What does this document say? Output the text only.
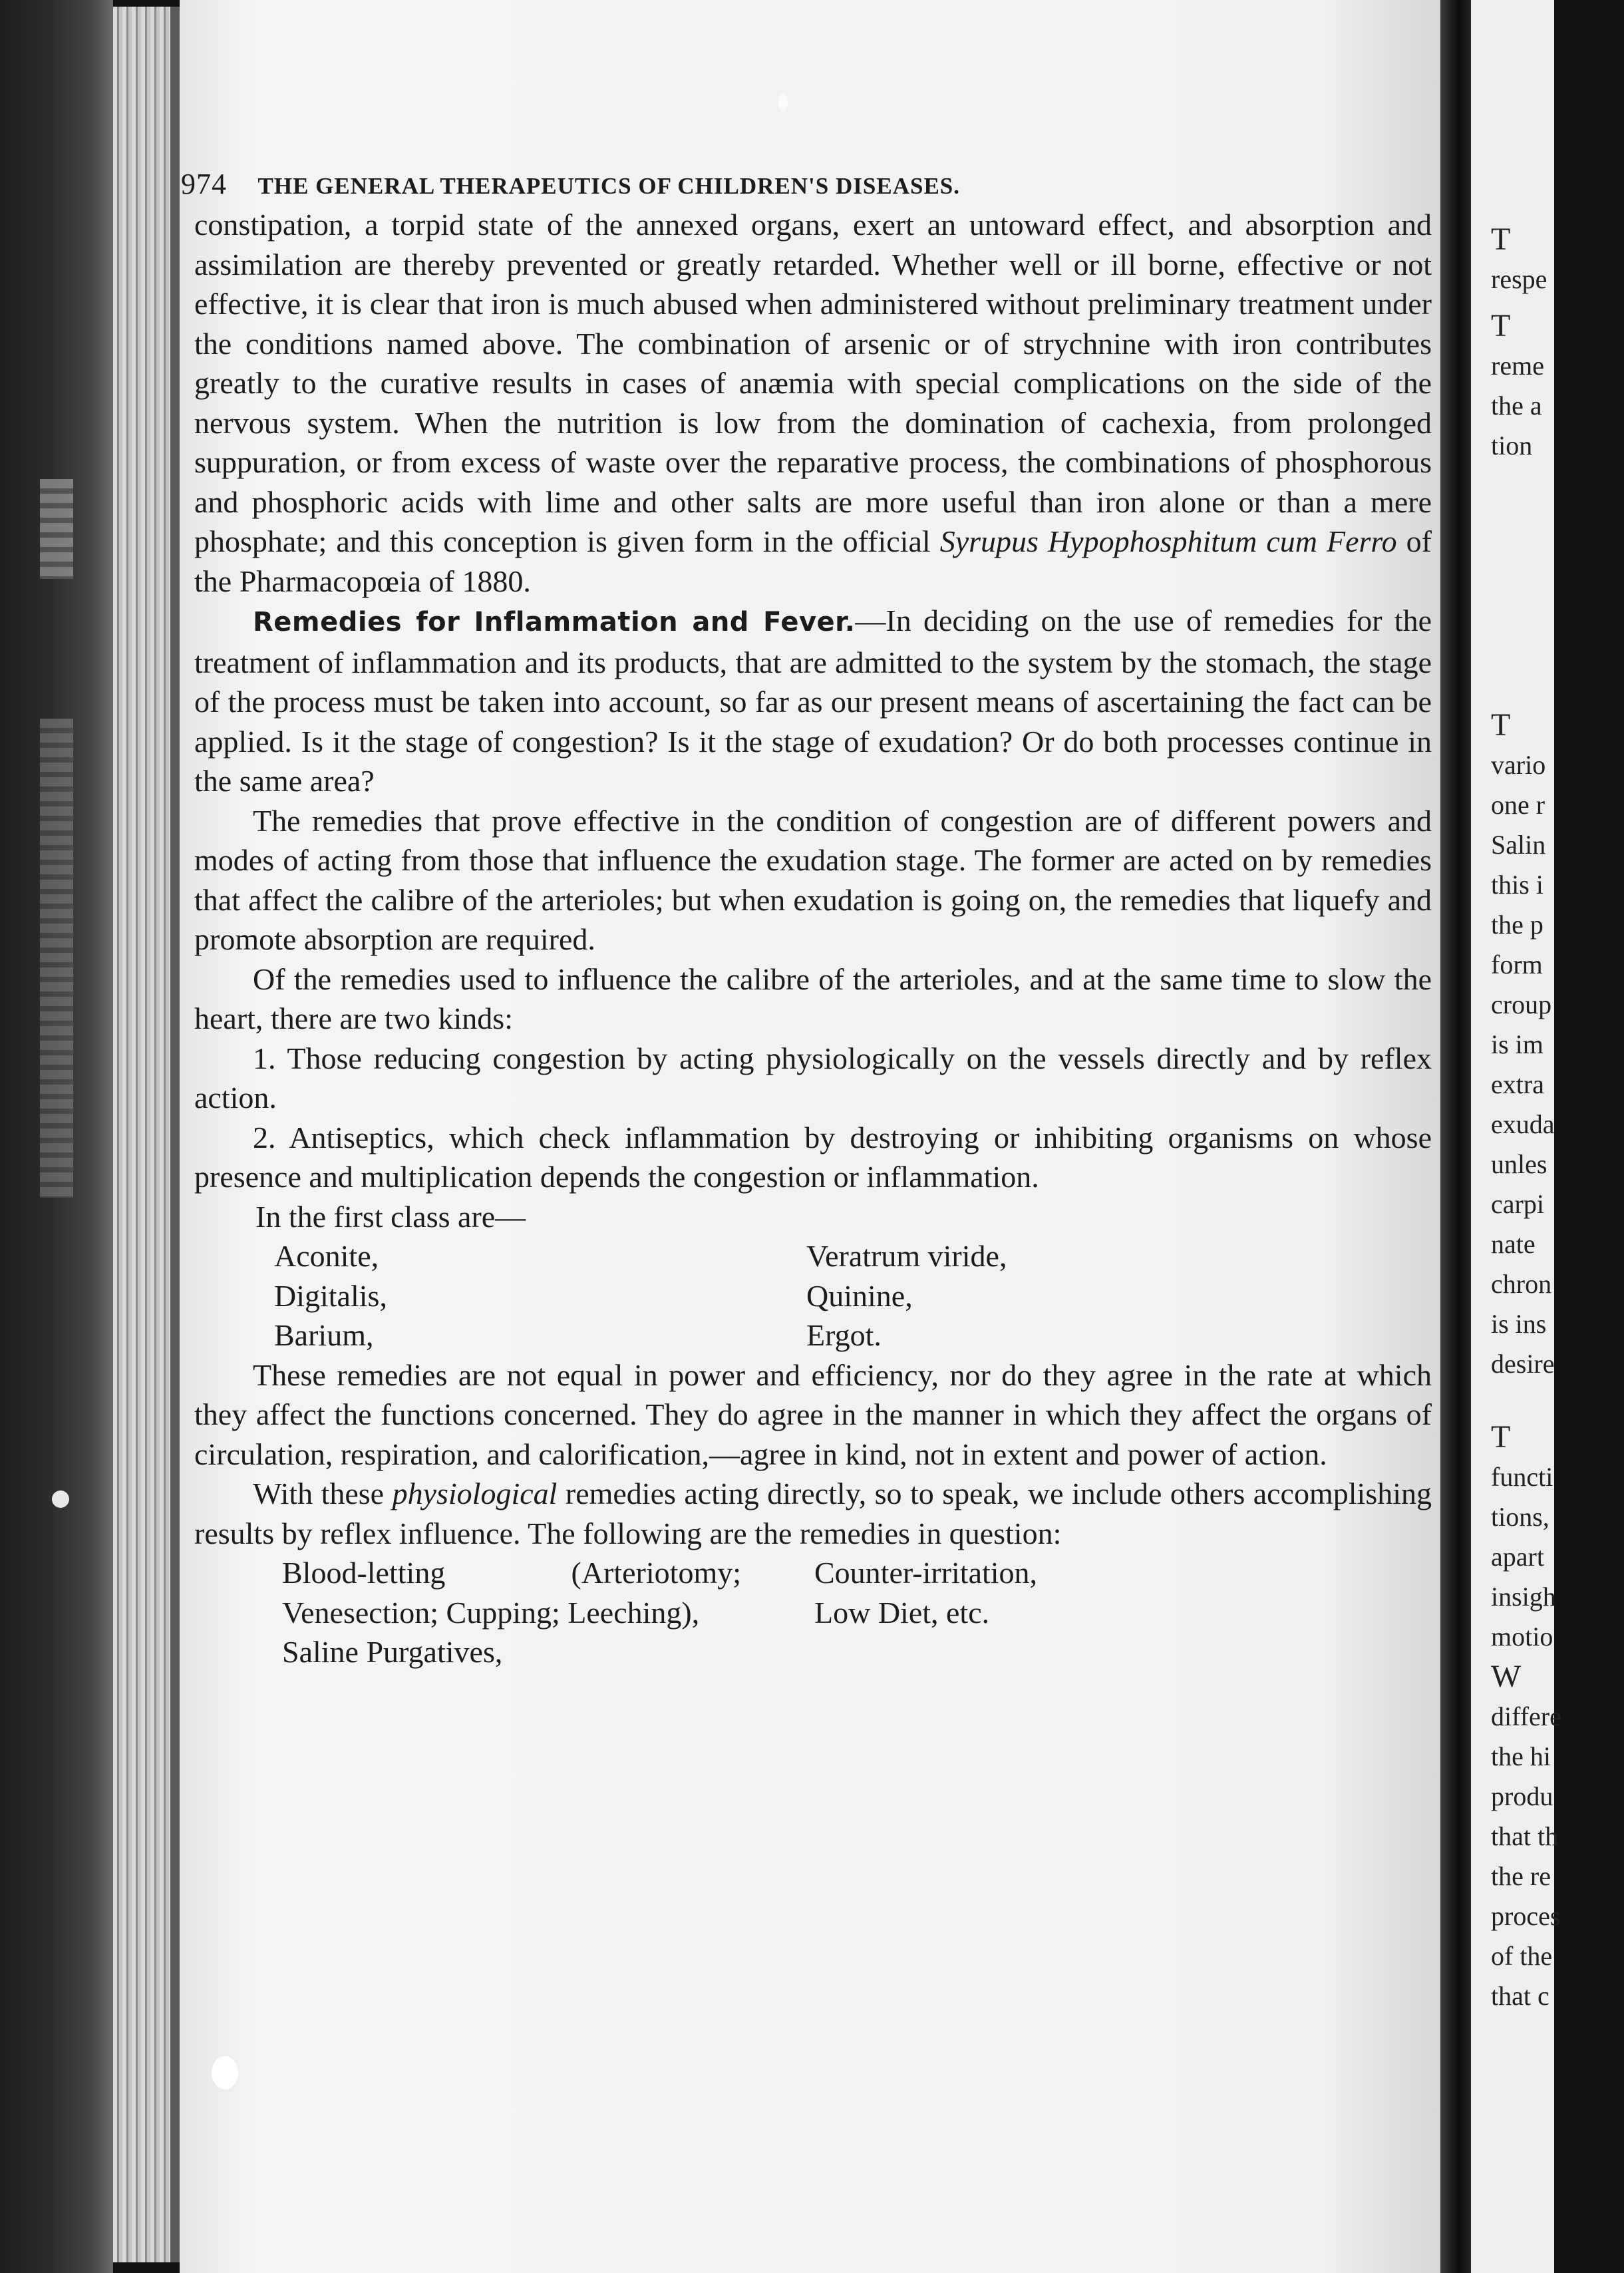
T
respe
T
reme
the a
tion
T
vario
one r
Salin
this i
the p
form
croup
is im
extra
exuda
unles
carpi
nate
chron
is ins
desire
T
functi
tions,
apart
insigh
motio
W
differe
the hi
produ
that th
the re
proces
of the
that c
974 THE GENERAL THERAPEUTICS OF CHILDREN'S DISEASES.

constipation, a torpid state of the annexed organs, exert an untoward effect, and absorption and assimilation are thereby prevented or greatly retarded. Whether well or ill borne, effective or not effective, it is clear that iron is much abused when administered without preliminary treatment under the conditions named above. The combination of arsenic or of strychnine with iron contributes greatly to the curative results in cases of anæmia with special complications on the side of the nervous system. When the nutrition is low from the domination of cachexia, from prolonged suppuration, or from excess of waste over the reparative process, the combinations of phosphorous and phosphoric acids with lime and other salts are more useful than iron alone or than a mere phosphate; and this conception is given form in the official Syrupus Hypophosphitum cum Ferro of the Pharmacopœia of 1880.

Remedies for Inflammation and Fever.—In deciding on the use of remedies for the treatment of inflammation and its products, that are admitted to the system by the stomach, the stage of the process must be taken into account, so far as our present means of ascertaining the fact can be applied. Is it the stage of congestion? Is it the stage of exudation? Or do both processes continue in the same area?

The remedies that prove effective in the condition of congestion are of different powers and modes of acting from those that influence the exudation stage. The former are acted on by remedies that affect the calibre of the arterioles; but when exudation is going on, the remedies that liquefy and promote absorption are required.

Of the remedies used to influence the calibre of the arterioles, and at the same time to slow the heart, there are two kinds:

1. Those reducing congestion by acting physiologically on the vessels directly and by reflex action.

2. Antiseptics, which check inflammation by destroying or inhibiting organisms on whose presence and multiplication depends the congestion or inflammation.

In the first class are—

Aconite,	Veratrum viride,
Digitalis,	Quinine,
Barium,	Ergot.

These remedies are not equal in power and efficiency, nor do they agree in the rate at which they affect the functions concerned. They do agree in the manner in which they affect the organs of circulation, respiration, and calorification,—agree in kind, not in extent and power of action.

With these physiological remedies acting directly, so to speak, we include others accomplishing results by reflex influence. The following are the remedies in question:

Blood-letting (Arteriotomy; Venesection; Cupping; Leeching),
Counter-irritation,
Low Diet, etc.
Saline Purgatives,
